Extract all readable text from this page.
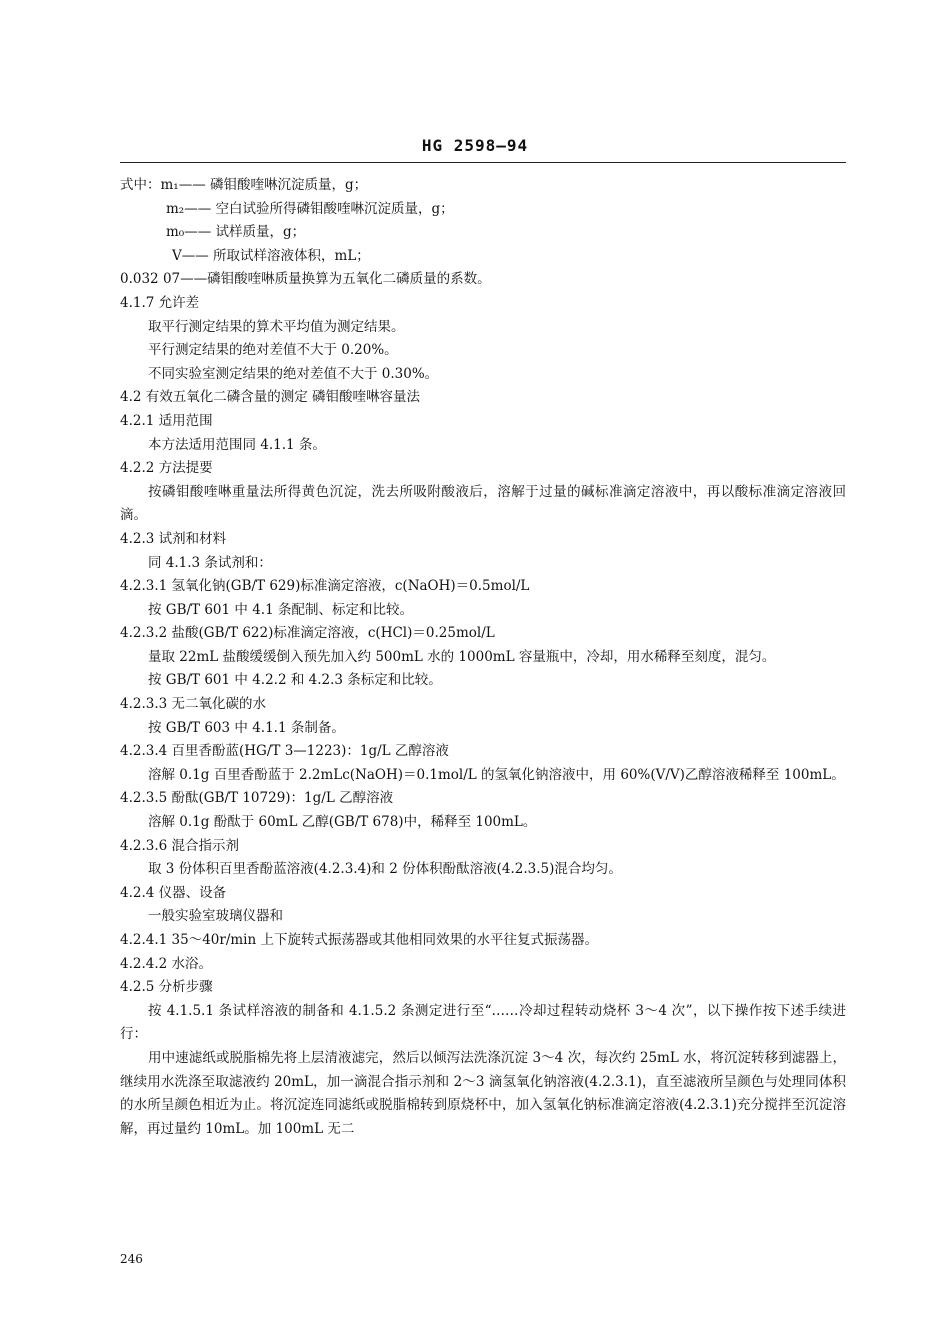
HG 2598—94
式中：m₁—— 磷钼酸喹啉沉淀质量，g；
m₂—— 空白试验所得磷钼酸喹啉沉淀质量，g；
m₀—— 试样质量，g；
V—— 所取试样溶液体积，mL；
0.032 07——磷钼酸喹啉质量换算为五氧化二磷质量的系数。
4.1.7 允许差
取平行测定结果的算术平均值为测定结果。
平行测定结果的绝对差值不大于 0.20%。
不同实验室测定结果的绝对差值不大于 0.30%。
4.2 有效五氧化二磷含量的测定 磷钼酸喹啉容量法
4.2.1 适用范围
本方法适用范围同 4.1.1 条。
4.2.2 方法提要
按磷钼酸喹啉重量法所得黄色沉淀，洗去所吸附酸液后，溶解于过量的碱标准滴定溶液中，再以酸标准滴定溶液回滴。
4.2.3 试剂和材料
同 4.1.3 条试剂和：
4.2.3.1 氢氧化钠(GB/T 629)标准滴定溶液，c(NaOH)＝0.5mol/L
按 GB/T 601 中 4.1 条配制、标定和比较。
4.2.3.2 盐酸(GB/T 622)标准滴定溶液，c(HCl)＝0.25mol/L
量取 22mL 盐酸缓缓倒入预先加入约 500mL 水的 1000mL 容量瓶中，冷却，用水稀释至刻度，混匀。
按 GB/T 601 中 4.2.2 和 4.2.3 条标定和比较。
4.2.3.3 无二氧化碳的水
按 GB/T 603 中 4.1.1 条制备。
4.2.3.4 百里香酚蓝(HG/T 3—1223)：1g/L 乙醇溶液
溶解 0.1g 百里香酚蓝于 2.2mLc(NaOH)＝0.1mol/L 的氢氧化钠溶液中，用 60%(V/V)乙醇溶液稀释至 100mL。
4.2.3.5 酚酞(GB/T 10729)：1g/L 乙醇溶液
溶解 0.1g 酚酞于 60mL 乙醇(GB/T 678)中，稀释至 100mL。
4.2.3.6 混合指示剂
取 3 份体积百里香酚蓝溶液(4.2.3.4)和 2 份体积酚酞溶液(4.2.3.5)混合均匀。
4.2.4 仪器、设备
一般实验室玻璃仪器和
4.2.4.1 35～40r/min 上下旋转式振荡器或其他相同效果的水平往复式振荡器。
4.2.4.2 水浴。
4.2.5 分析步骤
按 4.1.5.1 条试样溶液的制备和 4.1.5.2 条测定进行至“……冷却过程转动烧杯 3～4 次”，以下操作按下述手续进行：
用中速滤纸或脱脂棉先将上层清液滤完，然后以倾泻法洗涤沉淀 3～4 次，每次约 25mL 水，将沉淀转移到滤器上，继续用水洗涤至取滤液约 20mL，加一滴混合指示剂和 2～3 滴氢氧化钠溶液(4.2.3.1)，直至滤液所呈颜色与处理同体积的水所呈颜色相近为止。将沉淀连同滤纸或脱脂棉转到原烧杯中，加入氢氧化钠标准滴定溶液(4.2.3.1)充分搅拌至沉淀溶解，再过量约 10mL。加 100mL 无二
246
